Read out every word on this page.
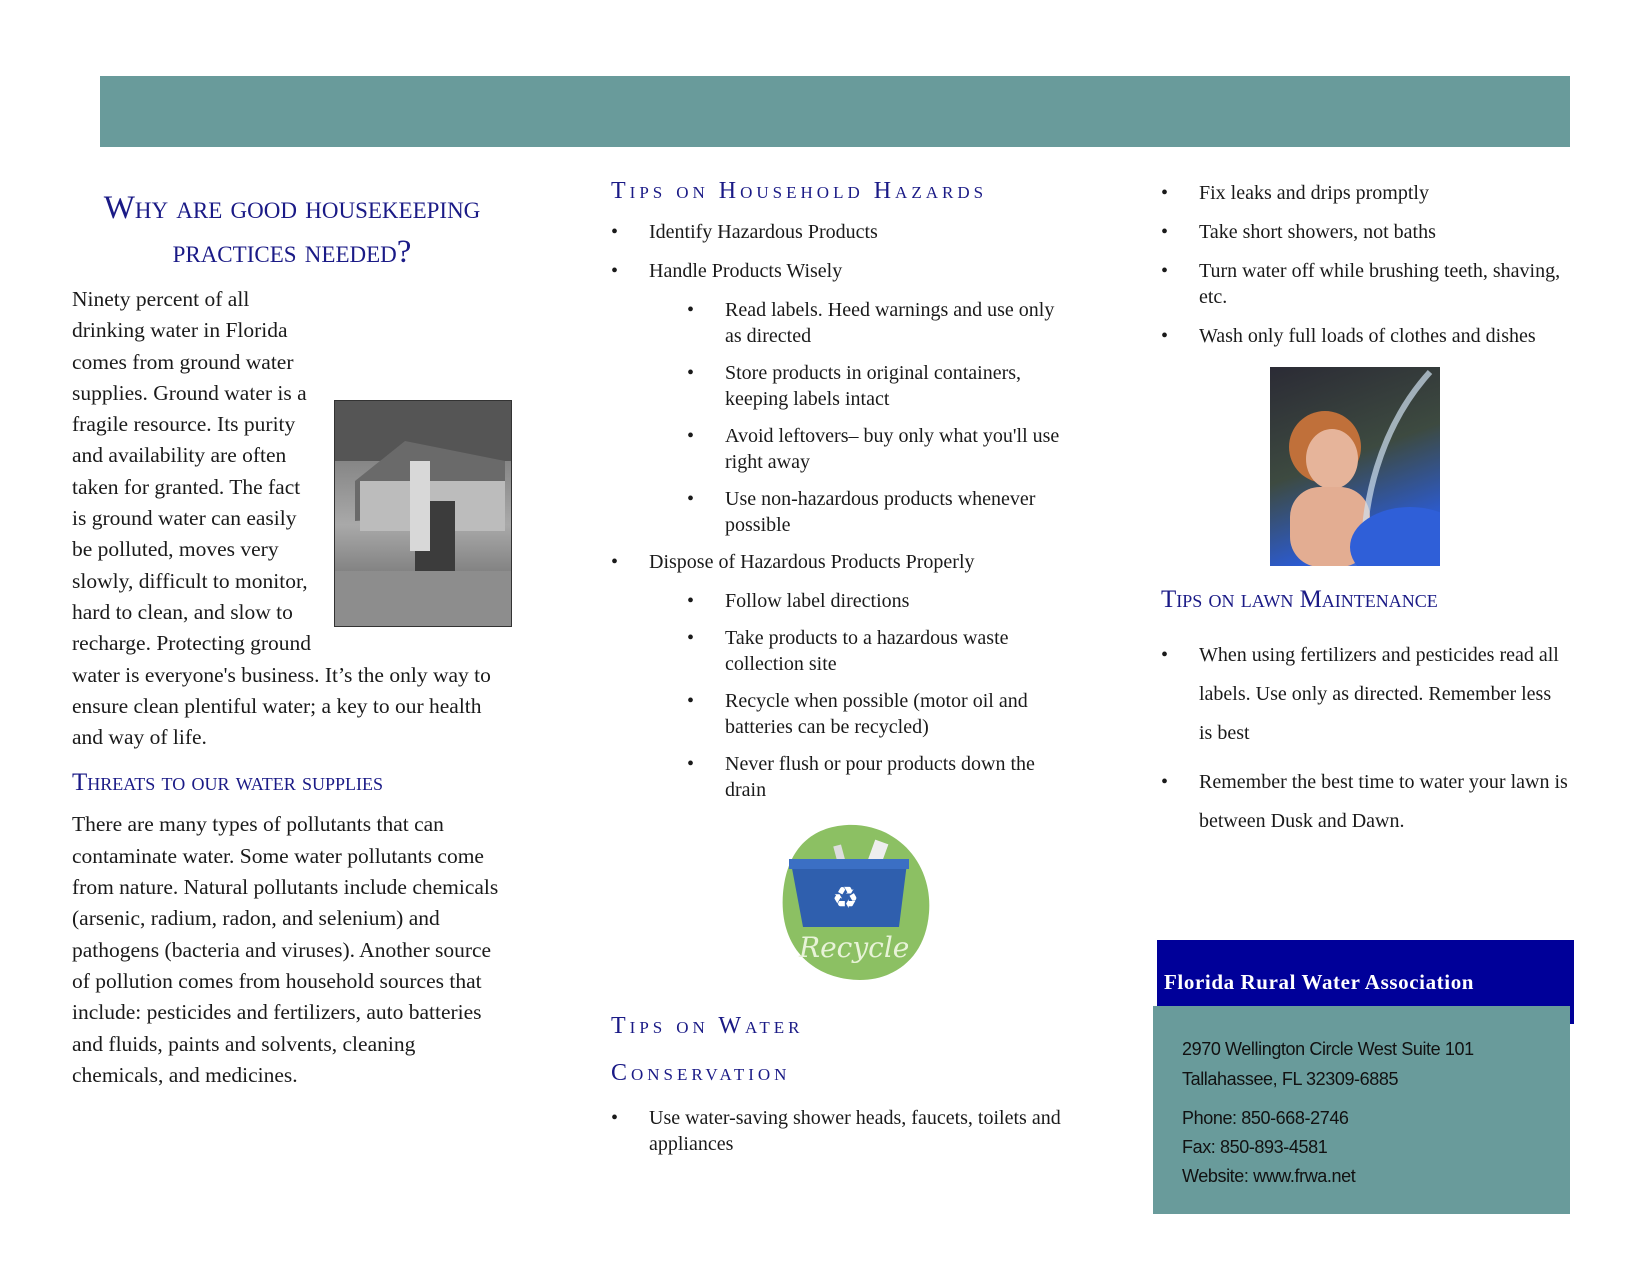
Why are good housekeeping practices needed?

Ninety percent of all drinking water in Florida comes from ground water supplies. Ground water is a fragile resource. Its purity and availability are often taken for granted. The fact is ground water can easily be polluted, moves very slowly, difficult to monitor, hard to clean, and slow to recharge. Protecting ground water is everyone's business. It’s the only way to ensure clean plentiful water; a key to our health and way of life.

Threats to our water supplies

There are many types of pollutants that can contaminate water. Some water pollutants come from nature. Natural pollutants include chemicals (arsenic, radium, radon, and selenium) and pathogens (bacteria and viruses). Another source of pollution comes from household sources that include: pesticides and fertilizers, auto batteries and fluids, paints and solvents, cleaning chemicals, and medicines.

Tips on Household Hazards
• Identify Hazardous Products
• Handle Products Wisely
• Read labels. Heed warnings and use only as directed
• Store products in original containers, keeping labels intact
• Avoid leftovers– buy only what you'll use right away
• Use non-hazardous products whenever possible
• Dispose of Hazardous Products Properly
• Follow label directions
• Take products to a hazardous waste collection site
• Recycle when possible (motor oil and batteries can be recycled)
• Never flush or pour products down the drain
♻
Recycle
Tips on Water
Conservation
• Use water-saving shower heads, faucets, toilets and appliances
• Fix leaks and drips promptly
• Take short showers, not baths
• Turn water off while brushing teeth, shaving, etc.
• Wash only full loads of clothes and dishes
Tips on lawn Maintenance
• When using fertilizers and pesticides read all labels. Use only as directed. Remember less is best
• Remember the best time to water your lawn is between Dusk and Dawn.
Florida Rural Water Association
2970 Wellington Circle West Suite 101
Tallahassee, FL 32309-6885
Phone: 850-668-2746
Fax: 850-893-4581
Website: www.frwa.net
